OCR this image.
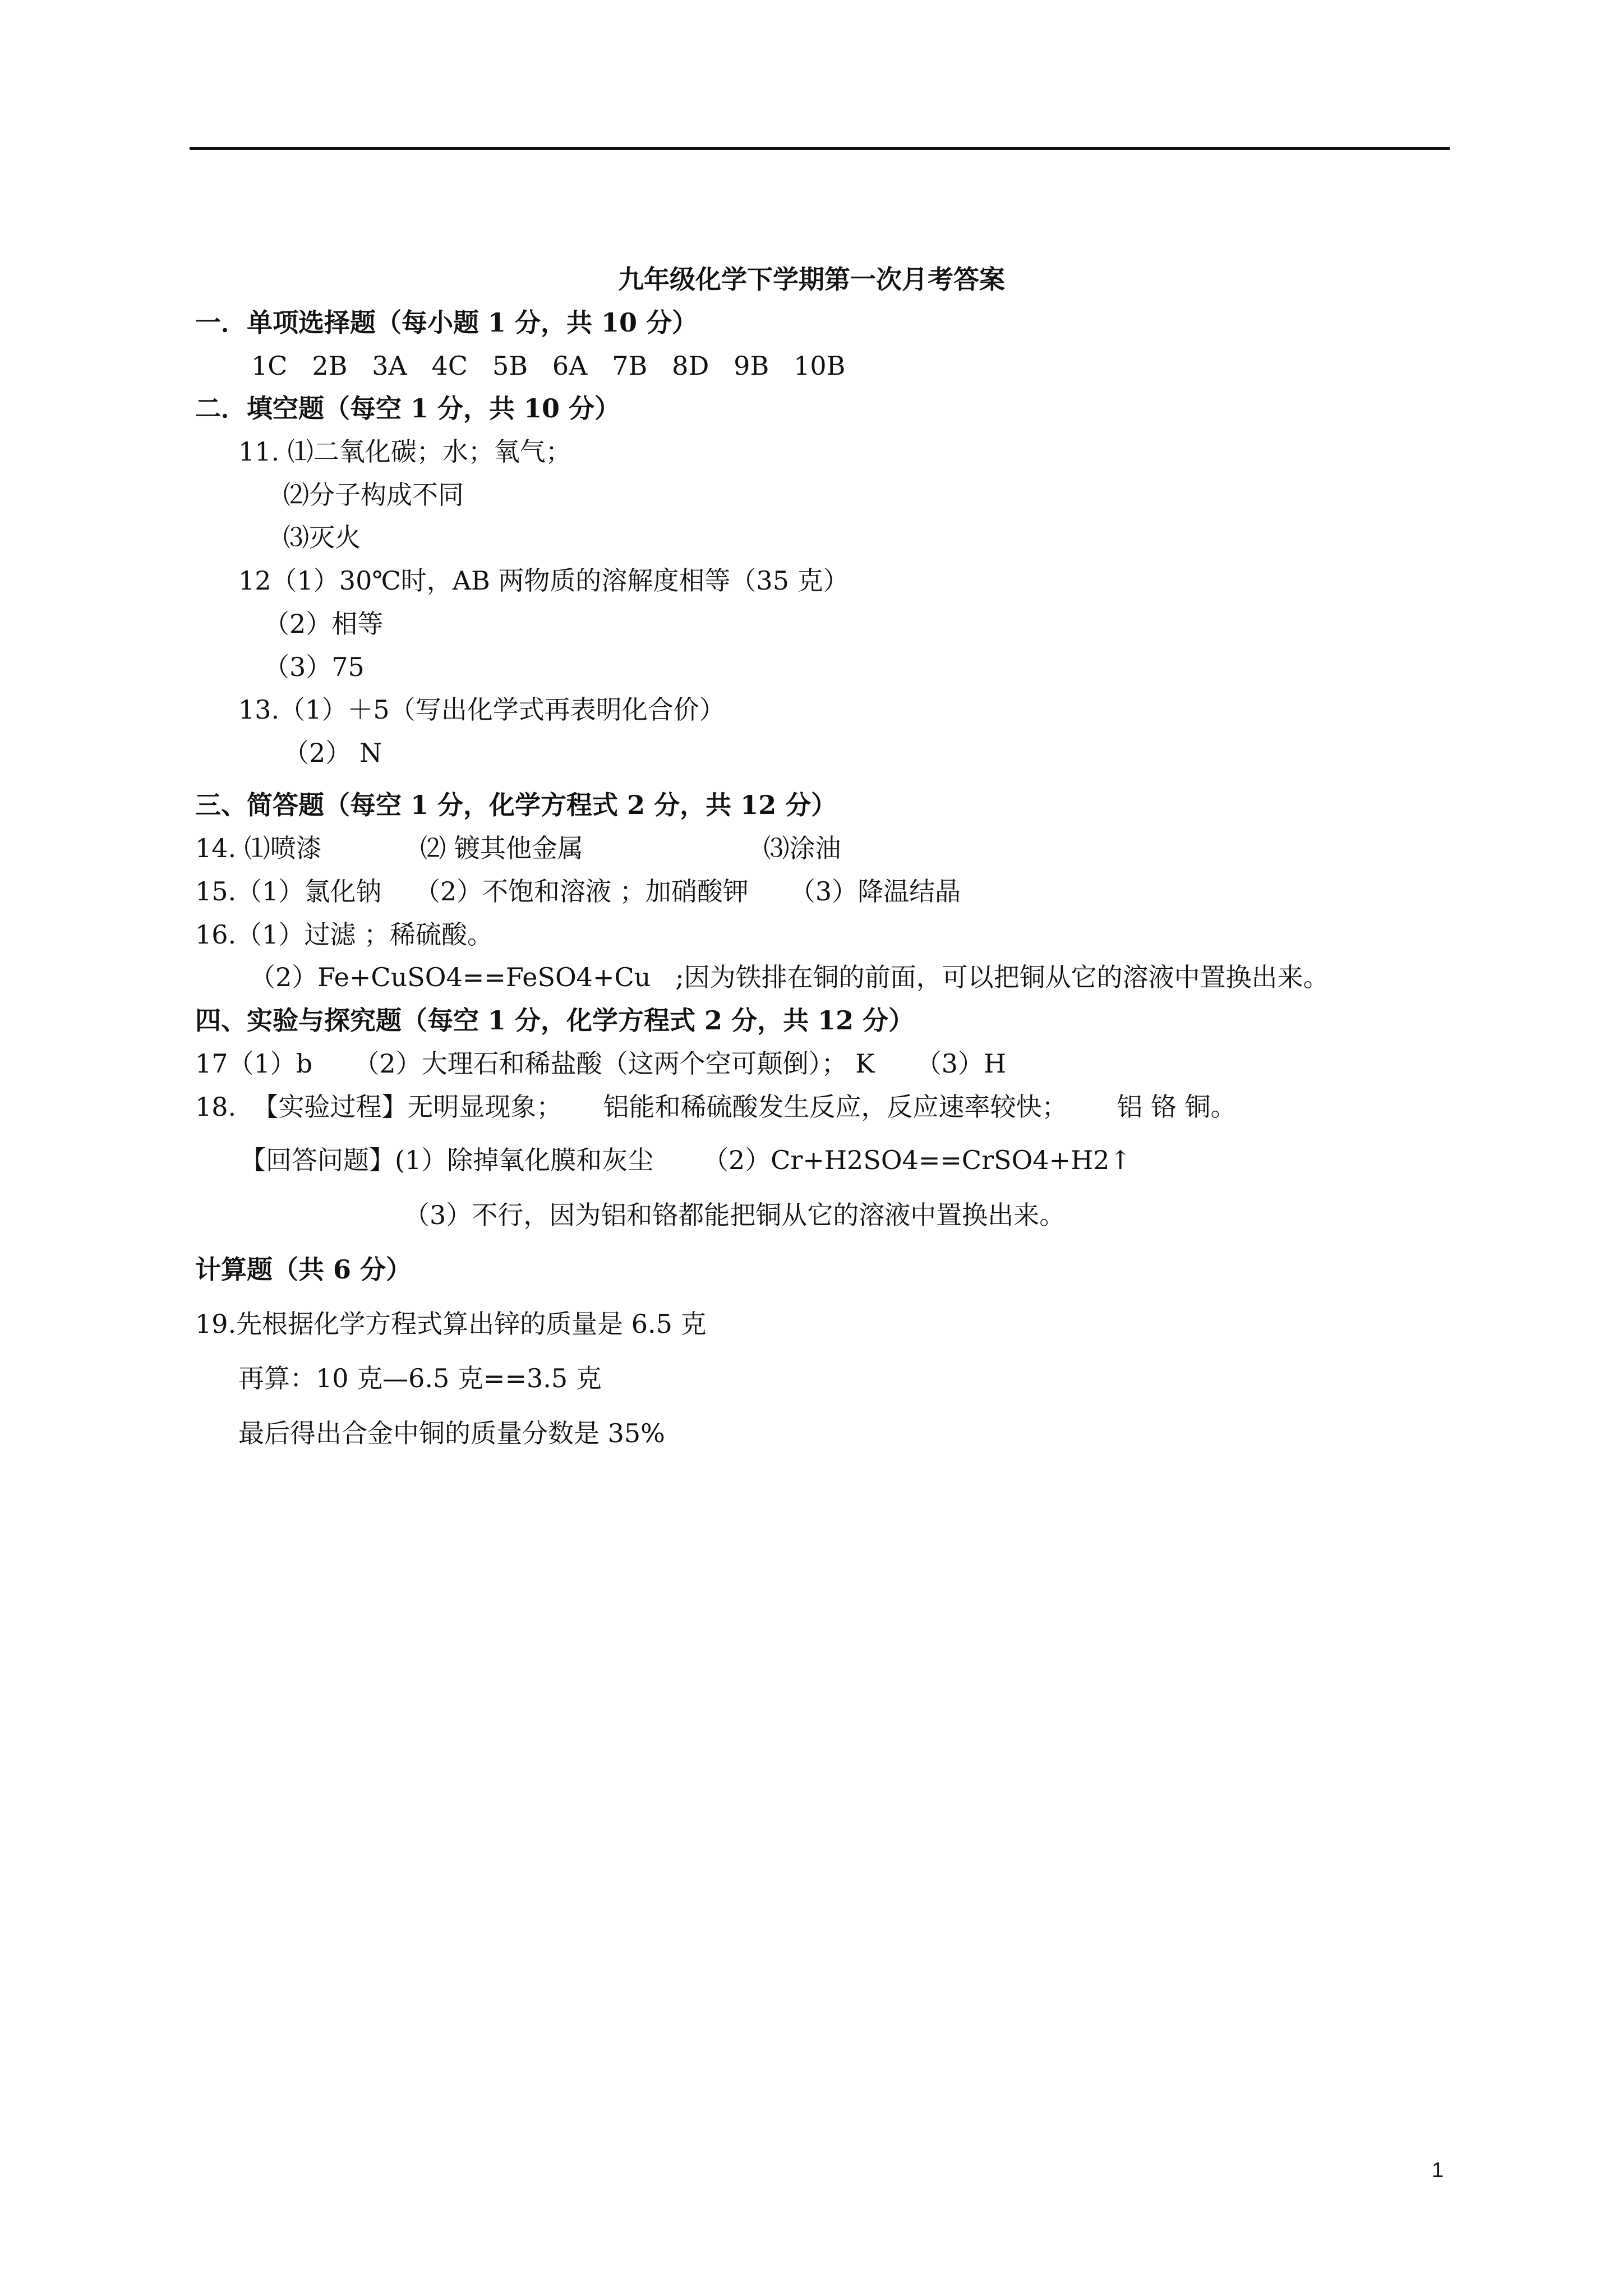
九年级化学下学期第一次月考答案
一．单项选择题（每小题 1 分，共 10 分）
1C   2B   3A   4C   5B   6A   7B   8D   9B   10B
二．填空题（每空 1 分，共 10 分）
11. ⑴二氧化碳；水；氧气；
⑵分子构成不同
⑶灭火
12（1）30℃时，AB 两物质的溶解度相等（35 克）
（2）相等
（3）75
13.（1）＋5（写出化学式再表明化合价）
（2） N
三、简答题（每空 1 分，化学方程式 2 分，共 12 分）
14. ⑴喷漆            ⑵ 镀其他金属                      ⑶涂油
15.（1）氯化钠    （2）不饱和溶液 ；加硝酸钾     （3）降温结晶
16.（1）过滤 ；稀硫酸。
（2）Fe+CuSO4==FeSO4+Cu   ;因为铁排在铜的前面，可以把铜从它的溶液中置换出来。
四、实验与探究题（每空 1 分，化学方程式 2 分，共 12 分）
17（1）b     （2）大理石和稀盐酸（这两个空可颠倒）； K     （3）H
18.  【实验过程】无明显现象；     铝能和稀硫酸发生反应，反应速率较快；      铝 铬 铜。
【回答问题】(1）除掉氧化膜和灰尘      （2）Cr+H2SO4==CrSO4+H2↑
（3）不行，因为铝和铬都能把铜从它的溶液中置换出来。
计算题（共 6 分）
19.先根据化学方程式算出锌的质量是 6.5 克
再算：10 克—6.5 克==3.5 克
最后得出合金中铜的质量分数是 35%
1
